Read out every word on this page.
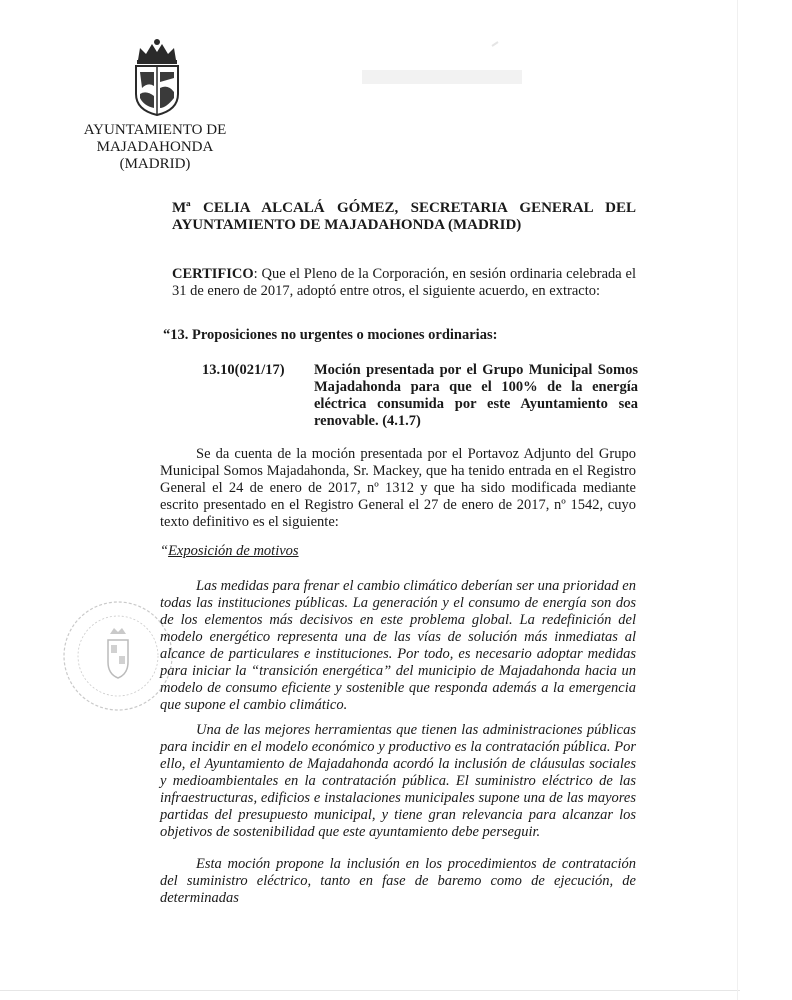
AYUNTAMIENTO DE
MAJADAHONDA
(MADRID)
Mª CELIA ALCALÁ GÓMEZ, SECRETARIA GENERAL DEL
AYUNTAMIENTO DE MAJADAHONDA (MADRID)
CERTIFICO: Que el Pleno de la Corporación, en sesión ordinaria celebrada el 31 de enero de 2017, adoptó entre otros, el siguiente acuerdo, en extracto:
“13. Proposiciones no urgentes o mociones ordinarias:
13.10(021/17)	Moción presentada por el Grupo Municipal Somos Majadahonda para que el 100% de la energía eléctrica consumida por este Ayuntamiento sea renovable. (4.1.7)
Se da cuenta de la moción presentada por el Portavoz Adjunto del Grupo Municipal Somos Majadahonda, Sr. Mackey, que ha tenido entrada en el Registro General el 24 de enero de 2017, nº 1312 y que ha sido modificada mediante escrito presentado en el Registro General el 27 de enero de 2017, nº 1542, cuyo texto definitivo es el siguiente:
“Exposición de motivos
Las medidas para frenar el cambio climático deberían ser una prioridad en todas las instituciones públicas. La generación y el consumo de energía son dos de los elementos más decisivos en este problema global. La redefinición del modelo energético representa una de las vías de solución más inmediatas al alcance de particulares e instituciones. Por todo, es necesario adoptar medidas para iniciar la “transición energética” del municipio de Majadahonda hacia un modelo de consumo eficiente y sostenible que responda además a la emergencia que supone el cambio climático.
Una de las mejores herramientas que tienen las administraciones públicas para incidir en el modelo económico y productivo es la contratación pública. Por ello, el Ayuntamiento de Majadahonda acordó la inclusión de cláusulas sociales y medioambientales en la contratación pública. El suministro eléctrico de las infraestructuras, edificios e instalaciones municipales supone una de las mayores partidas del presupuesto municipal, y tiene gran relevancia para alcanzar los objetivos de sostenibilidad que este ayuntamiento debe perseguir.
Esta moción propone la inclusión en los procedimientos de contratación del suministro eléctrico, tanto en fase de baremo como de ejecución, de determinadas
